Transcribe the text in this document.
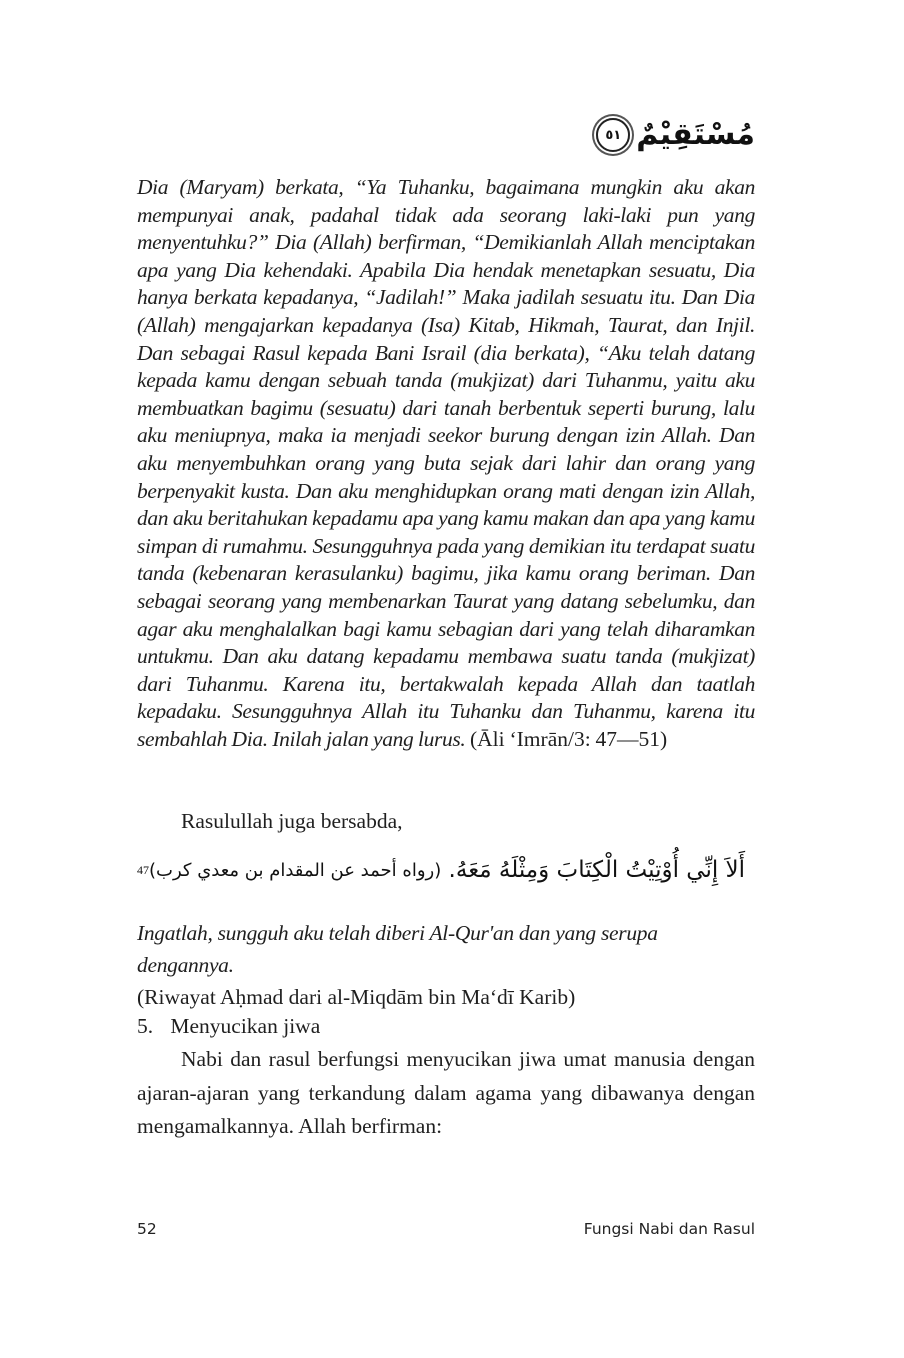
٥١ مُسْتَقِيْمٌ
Dia (Maryam) berkata, “Ya Tuhanku, bagaimana mungkin aku akan mempunyai anak, padahal tidak ada seorang laki-laki pun yang menyentuhku?” Dia (Allah) berfirman, “Demikianlah Allah menciptakan apa yang Dia kehendaki. Apabila Dia hendak menetapkan sesuatu, Dia hanya berkata kepadanya, “Jadilah!” Maka jadilah sesuatu itu. Dan Dia (Allah) mengajarkan kepadanya (Isa) Kitab, Hikmah, Taurat, dan Injil. Dan sebagai Rasul kepada Bani Israil (dia berkata), “Aku telah datang kepada kamu dengan sebuah tanda (mukjizat) dari Tuhanmu, yaitu aku membuatkan bagimu (sesuatu) dari tanah berbentuk seperti burung, lalu aku meniupnya, maka ia menjadi seekor burung dengan izin Allah. Dan aku menyembuhkan orang yang buta sejak dari lahir dan orang yang berpenyakit kusta. Dan aku menghidupkan orang mati dengan izin Allah, dan aku beritahukan kepadamu apa yang kamu makan dan apa yang kamu simpan di rumahmu. Sesungguhnya pada yang demikian itu terdapat suatu tanda (kebenaran kerasulanku) bagimu, jika kamu orang beriman. Dan sebagai seorang yang membenarkan Taurat yang datang sebelumku, dan agar aku menghalalkan bagi kamu sebagian dari yang telah diharamkan untukmu. Dan aku datang kepadamu membawa suatu tanda (mukjizat) dari Tuhanmu. Karena itu, bertakwalah kepada Allah dan taatlah kepadaku. Sesungguhnya Allah itu Tuhanku dan Tuhanmu, karena itu sembahlah Dia. Inilah jalan yang lurus. (Āli ‘Imrān/3: 47—51)
Rasulullah juga bersabda,
أَلاَ إِنِّي أُوْتِيْتُ الْكِتَابَ وَمِثْلَهُ مَعَهُ.

(رواه أحمد عن المقدام بن معدي كرب)
47
Ingatlah, sungguh aku telah diberi Al-Qur'an dan yang serupa dengannya.
(Riwayat Aḥmad dari al-Miqdām bin Ma‘dī Karib)
5. Menyucikan jiwa
Nabi dan rasul berfungsi menyucikan jiwa umat manusia dengan ajaran-ajaran yang terkandung dalam agama yang dibawanya dengan mengamalkannya. Allah berfirman:
52	Fungsi Nabi dan Rasul
